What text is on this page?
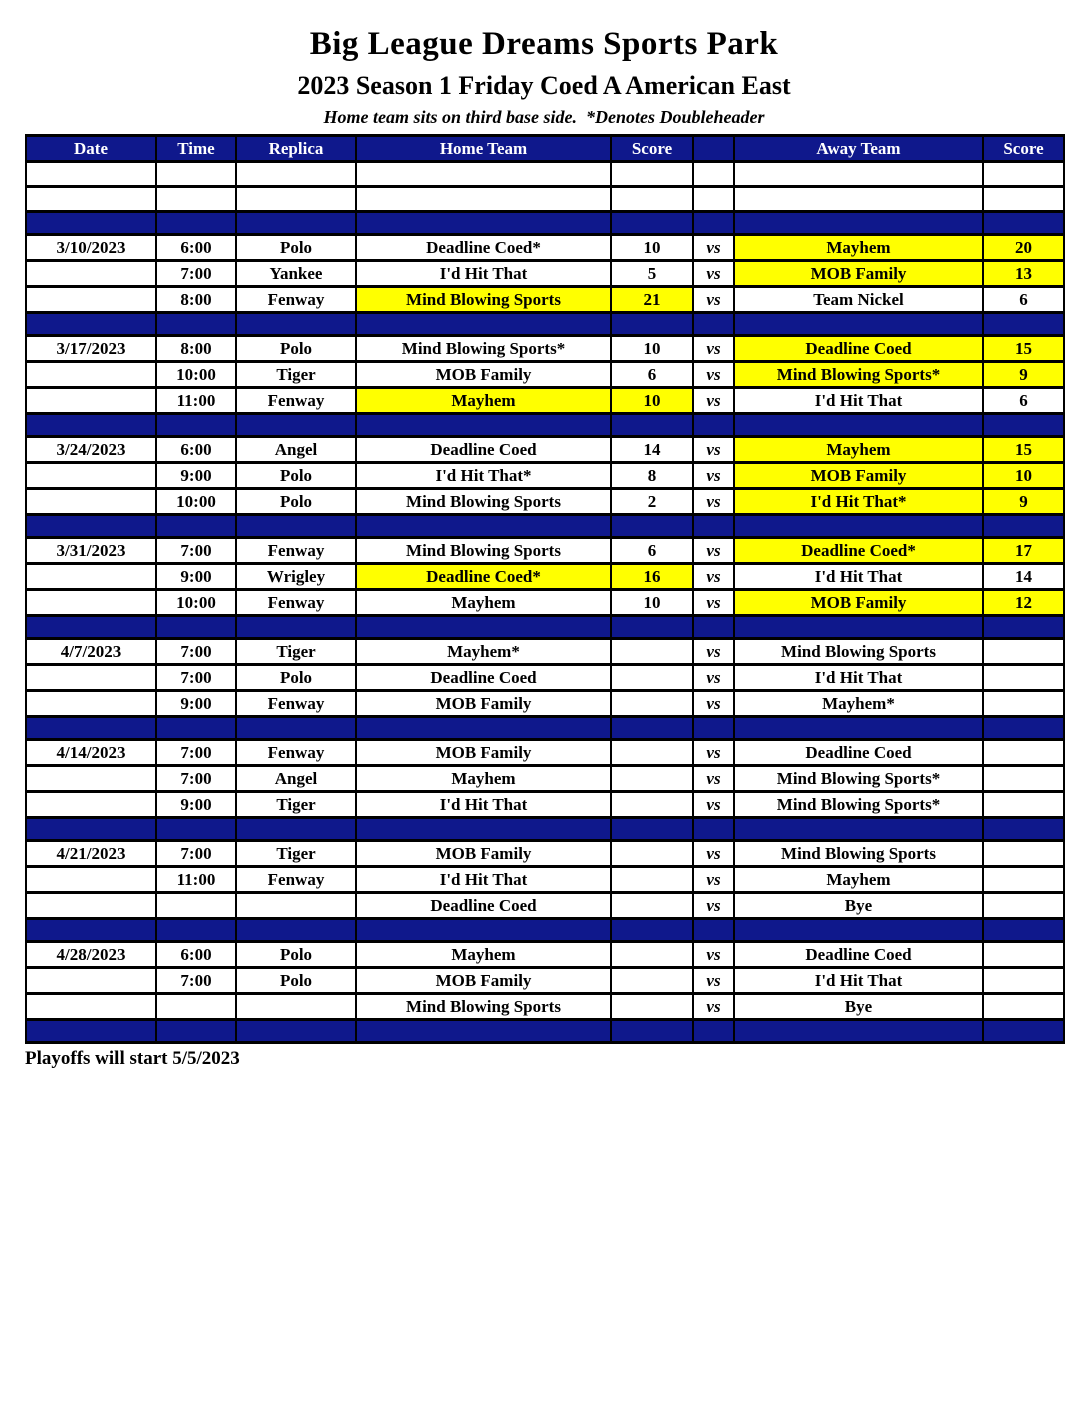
Big League Dreams Sports Park
2023 Season 1 Friday Coed A American East
Home team sits on third base side.  *Denotes Doubleheader
Date	Time	Replica	Home Team	Score		Away Team	Score

3/10/2023	6:00	Polo	Deadline Coed*	10	vs	Mayhem	20
	7:00	Yankee	I'd Hit That	5	vs	MOB Family	13
	8:00	Fenway	Mind Blowing Sports	21	vs	Team Nickel	6

3/17/2023	8:00	Polo	Mind Blowing Sports*	10	vs	Deadline Coed	15
	10:00	Tiger	MOB Family	6	vs	Mind Blowing Sports*	9
	11:00	Fenway	Mayhem	10	vs	I'd Hit That	6

3/24/2023	6:00	Angel	Deadline Coed	14	vs	Mayhem	15
	9:00	Polo	I'd Hit That*	8	vs	MOB Family	10
	10:00	Polo	Mind Blowing Sports	2	vs	I'd Hit That*	9

3/31/2023	7:00	Fenway	Mind Blowing Sports	6	vs	Deadline Coed*	17
	9:00	Wrigley	Deadline Coed*	16	vs	I'd Hit That	14
	10:00	Fenway	Mayhem	10	vs	MOB Family	12

4/7/2023	7:00	Tiger	Mayhem*		vs	Mind Blowing Sports	
	7:00	Polo	Deadline Coed		vs	I'd Hit That	
	9:00	Fenway	MOB Family		vs	Mayhem*	

4/14/2023	7:00	Fenway	MOB Family		vs	Deadline Coed	
	7:00	Angel	Mayhem		vs	Mind Blowing Sports*	
	9:00	Tiger	I'd Hit That		vs	Mind Blowing Sports*	

4/21/2023	7:00	Tiger	MOB Family		vs	Mind Blowing Sports	
	11:00	Fenway	I'd Hit That		vs	Mayhem	
			Deadline Coed		vs	Bye	

4/28/2023	6:00	Polo	Mayhem		vs	Deadline Coed	
	7:00	Polo	MOB Family		vs	I'd Hit That	
			Mind Blowing Sports		vs	Bye	

Playoffs will start 5/5/2023
